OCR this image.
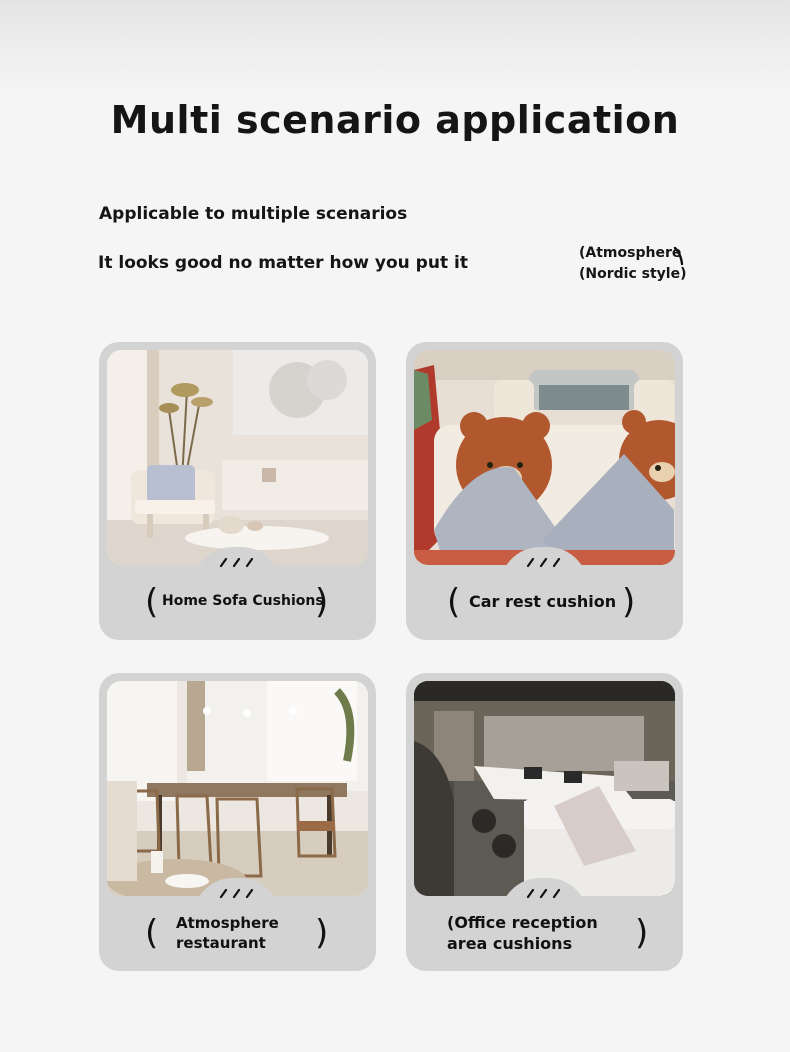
Multi scenario application
Applicable to multiple scenarios
It looks good no matter how you put it	(Atmosphere
(Nordic style)
(	)
Home Sofa Cushions	(	)
Car rest cushion
(	)
Atmosphere
restaurant	)
(Office reception
area cushions
